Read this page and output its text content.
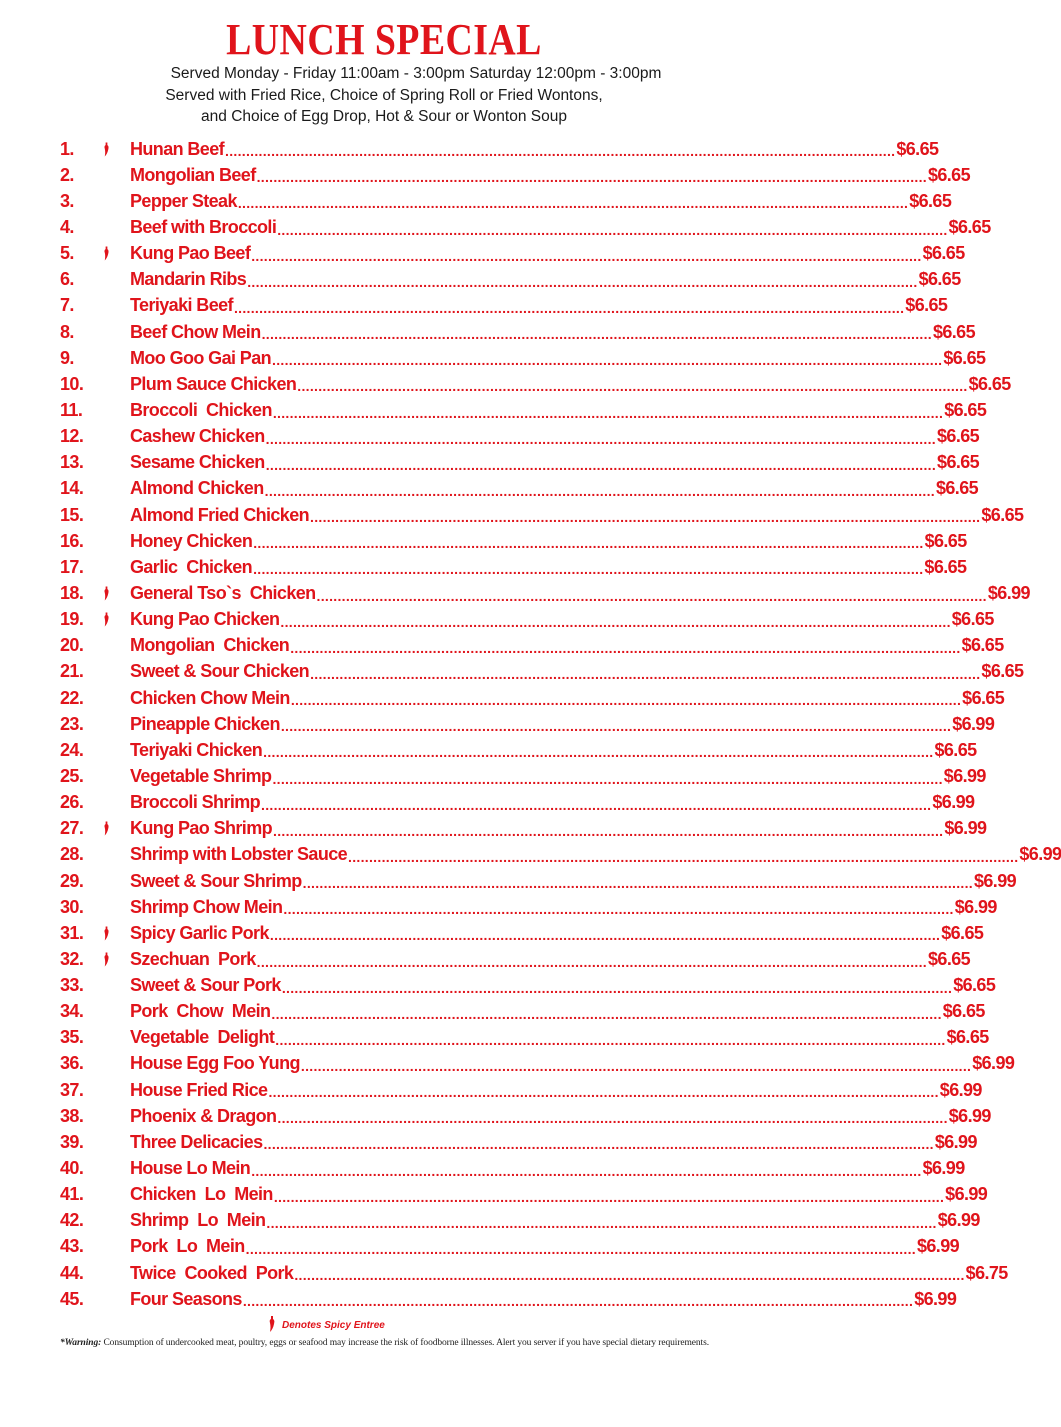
LUNCH SPECIAL
Served Monday - Friday 11:00am - 3:00pm Saturday 12:00pm - 3:00pm
Served with Fried Rice, Choice of Spring Roll or Fried Wontons,
and Choice of Egg Drop, Hot & Sour or Wonton Soup
1.	Hunan Beef ................................................................................................................................................................ $6.65
2.	Mongolian Beef ................................................................................................................................................................ $6.65
3.	Pepper Steak ................................................................................................................................................................ $6.65
4.	Beef with Broccoli ................................................................................................................................................................ $6.65
5.	Kung Pao Beef ................................................................................................................................................................ $6.65
6.	Mandarin Ribs ................................................................................................................................................................ $6.65
7.	Teriyaki Beef ................................................................................................................................................................ $6.65
8.	Beef Chow Mein ................................................................................................................................................................ $6.65
9.	Moo Goo Gai Pan ................................................................................................................................................................ $6.65
10.	Plum Sauce Chicken ................................................................................................................................................................ $6.65
11.	Broccoli  Chicken ................................................................................................................................................................ $6.65
12.	Cashew Chicken ................................................................................................................................................................ $6.65
13.	Sesame Chicken ................................................................................................................................................................ $6.65
14.	Almond Chicken ................................................................................................................................................................ $6.65
15.	Almond Fried Chicken ................................................................................................................................................................ $6.65
16.	Honey Chicken ................................................................................................................................................................ $6.65
17.	Garlic  Chicken ................................................................................................................................................................ $6.65
18.	General Tso`s  Chicken ................................................................................................................................................................ $6.99
19.	Kung Pao Chicken ................................................................................................................................................................ $6.65
20.	Mongolian  Chicken ................................................................................................................................................................ $6.65
21.	Sweet & Sour Chicken ................................................................................................................................................................ $6.65
22.	Chicken Chow Mein ................................................................................................................................................................ $6.65
23.	Pineapple Chicken ................................................................................................................................................................ $6.99
24.	Teriyaki Chicken ................................................................................................................................................................ $6.65
25.	Vegetable Shrimp ................................................................................................................................................................ $6.99
26.	Broccoli Shrimp ................................................................................................................................................................ $6.99
27.	Kung Pao Shrimp ................................................................................................................................................................ $6.99
28.	Shrimp with Lobster Sauce ................................................................................................................................................................ $6.99
29.	Sweet & Sour Shrimp ................................................................................................................................................................ $6.99
30.	Shrimp Chow Mein ................................................................................................................................................................ $6.99
31.	Spicy Garlic Pork ................................................................................................................................................................ $6.65
32.	Szechuan  Pork ................................................................................................................................................................ $6.65
33.	Sweet & Sour Pork ................................................................................................................................................................ $6.65
34.	Pork  Chow  Mein ................................................................................................................................................................ $6.65
35.	Vegetable  Delight ................................................................................................................................................................ $6.65
36.	House Egg Foo Yung ................................................................................................................................................................ $6.99
37.	House Fried Rice ................................................................................................................................................................ $6.99
38.	Phoenix & Dragon ................................................................................................................................................................ $6.99
39.	Three Delicacies ................................................................................................................................................................ $6.99
40.	House Lo Mein ................................................................................................................................................................ $6.99
41.	Chicken  Lo  Mein ................................................................................................................................................................ $6.99
42.	Shrimp  Lo  Mein ................................................................................................................................................................ $6.99
43.	Pork  Lo  Mein ................................................................................................................................................................ $6.99
44.	Twice  Cooked  Pork ................................................................................................................................................................ $6.75
45.	Four Seasons ................................................................................................................................................................ $6.99
Denotes Spicy Entree
*Warning: Consumption of undercooked meat, poultry, eggs or seafood may increase the risk of foodborne illnesses. Alert you server if you have special dietary requirements.
